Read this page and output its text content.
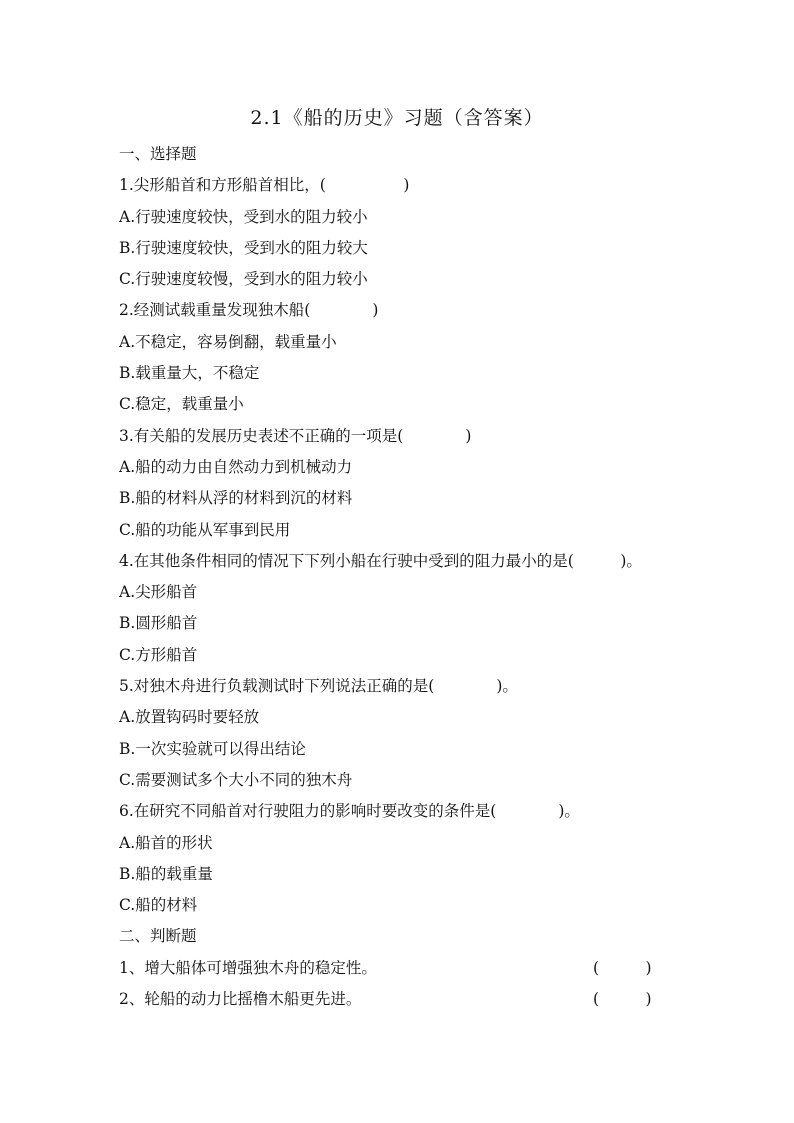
2.1《船的历史》习题（含答案）
一、选择题
1.尖形船首和方形船首相比，(　　　　　)
A.行驶速度较快，受到水的阻力较小
B.行驶速度较快，受到水的阻力较大
C.行驶速度较慢，受到水的阻力较小
2.经测试载重量发现独木船(　　　　)
A.不稳定，容易倒翻，载重量小
B.载重量大，不稳定
C.稳定，载重量小
3.有关船的发展历史表述不正确的一项是(　　　　)
A.船的动力由自然动力到机械动力
B.船的材料从浮的材料到沉的材料
C.船的功能从军事到民用
4.在其他条件相同的情况下下列小船在行驶中受到的阻力最小的是(　　　)。
A.尖形船首
B.圆形船首
C.方形船首
5.对独木舟进行负载测试时下列说法正确的是(　　　　)。
A.放置钩码时要轻放
B.一次实验就可以得出结论
C.需要测试多个大小不同的独木舟
6.在研究不同船首对行驶阻力的影响时要改变的条件是(　　　　)。
A.船首的形状
B.船的载重量
C.船的材料
二、判断题
1、增大船体可增强独木舟的稳定性。	(　　　)
2、轮船的动力比摇橹木船更先进。	(　　　)
